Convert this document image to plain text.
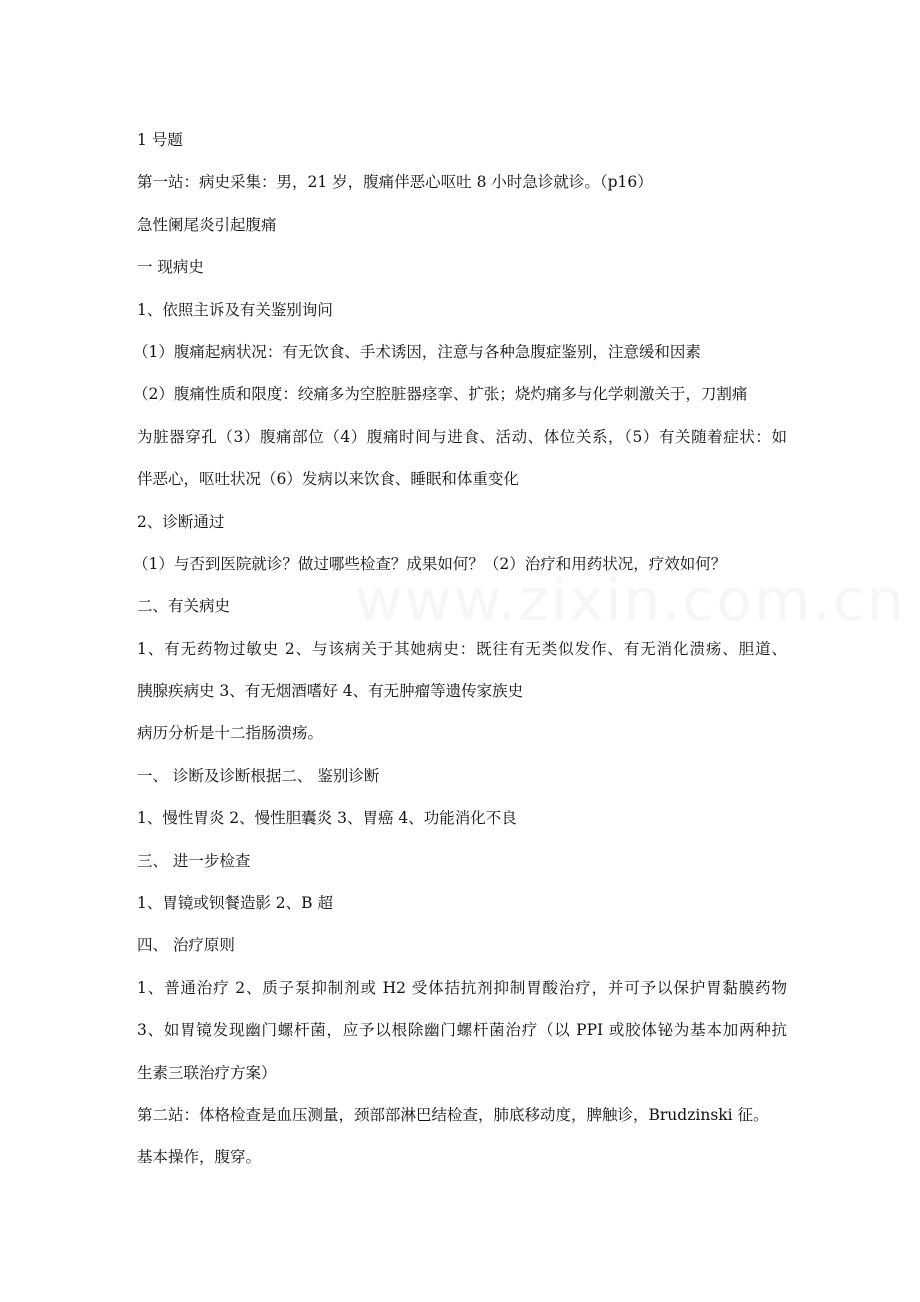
www.zixin.com.cn

1 号题

第一站：病史采集：男，21 岁，腹痛伴恶心呕吐 8 小时急诊就诊。（p16）

急性阑尾炎引起腹痛

一 现病史

1、依照主诉及有关鉴别询问

（1）腹痛起病状况：有无饮食、手术诱因，注意与各种急腹症鉴别，注意缓和因素

（2）腹痛性质和限度：绞痛多为空腔脏器痉挛、扩张；烧灼痛多与化学刺激关于，刀割痛

为脏器穿孔（3）腹痛部位（4）腹痛时间与进食、活动、体位关系，（5）有关随着症状：如

伴恶心，呕吐状况（6）发病以来饮食、睡眠和体重变化

2、诊断通过

（1）与否到医院就诊？做过哪些检查？成果如何？（2）治疗和用药状况，疗效如何？

二、有关病史

1、有无药物过敏史 2、与该病关于其她病史：既往有无类似发作、有无消化溃疡、胆道、

胰腺疾病史 3、有无烟酒嗜好 4、有无肿瘤等遗传家族史

病历分析是十二指肠溃疡。

一、 诊断及诊断根据二、 鉴别诊断

1、慢性胃炎 2、慢性胆囊炎 3、胃癌 4、功能消化不良

三、 进一步检查

1、胃镜或钡餐造影 2、B 超

四、 治疗原则

1、普通治疗 2、质子泵抑制剂或 H2 受体拮抗剂抑制胃酸治疗，并可予以保护胃黏膜药物

3、如胃镜发现幽门螺杆菌，应予以根除幽门螺杆菌治疗（以 PPI 或胶体铋为基本加两种抗

生素三联治疗方案）

第二站：体格检查是血压测量，颈部部淋巴结检查，肺底移动度，脾触诊，Brudzinski 征。

基本操作，腹穿。
